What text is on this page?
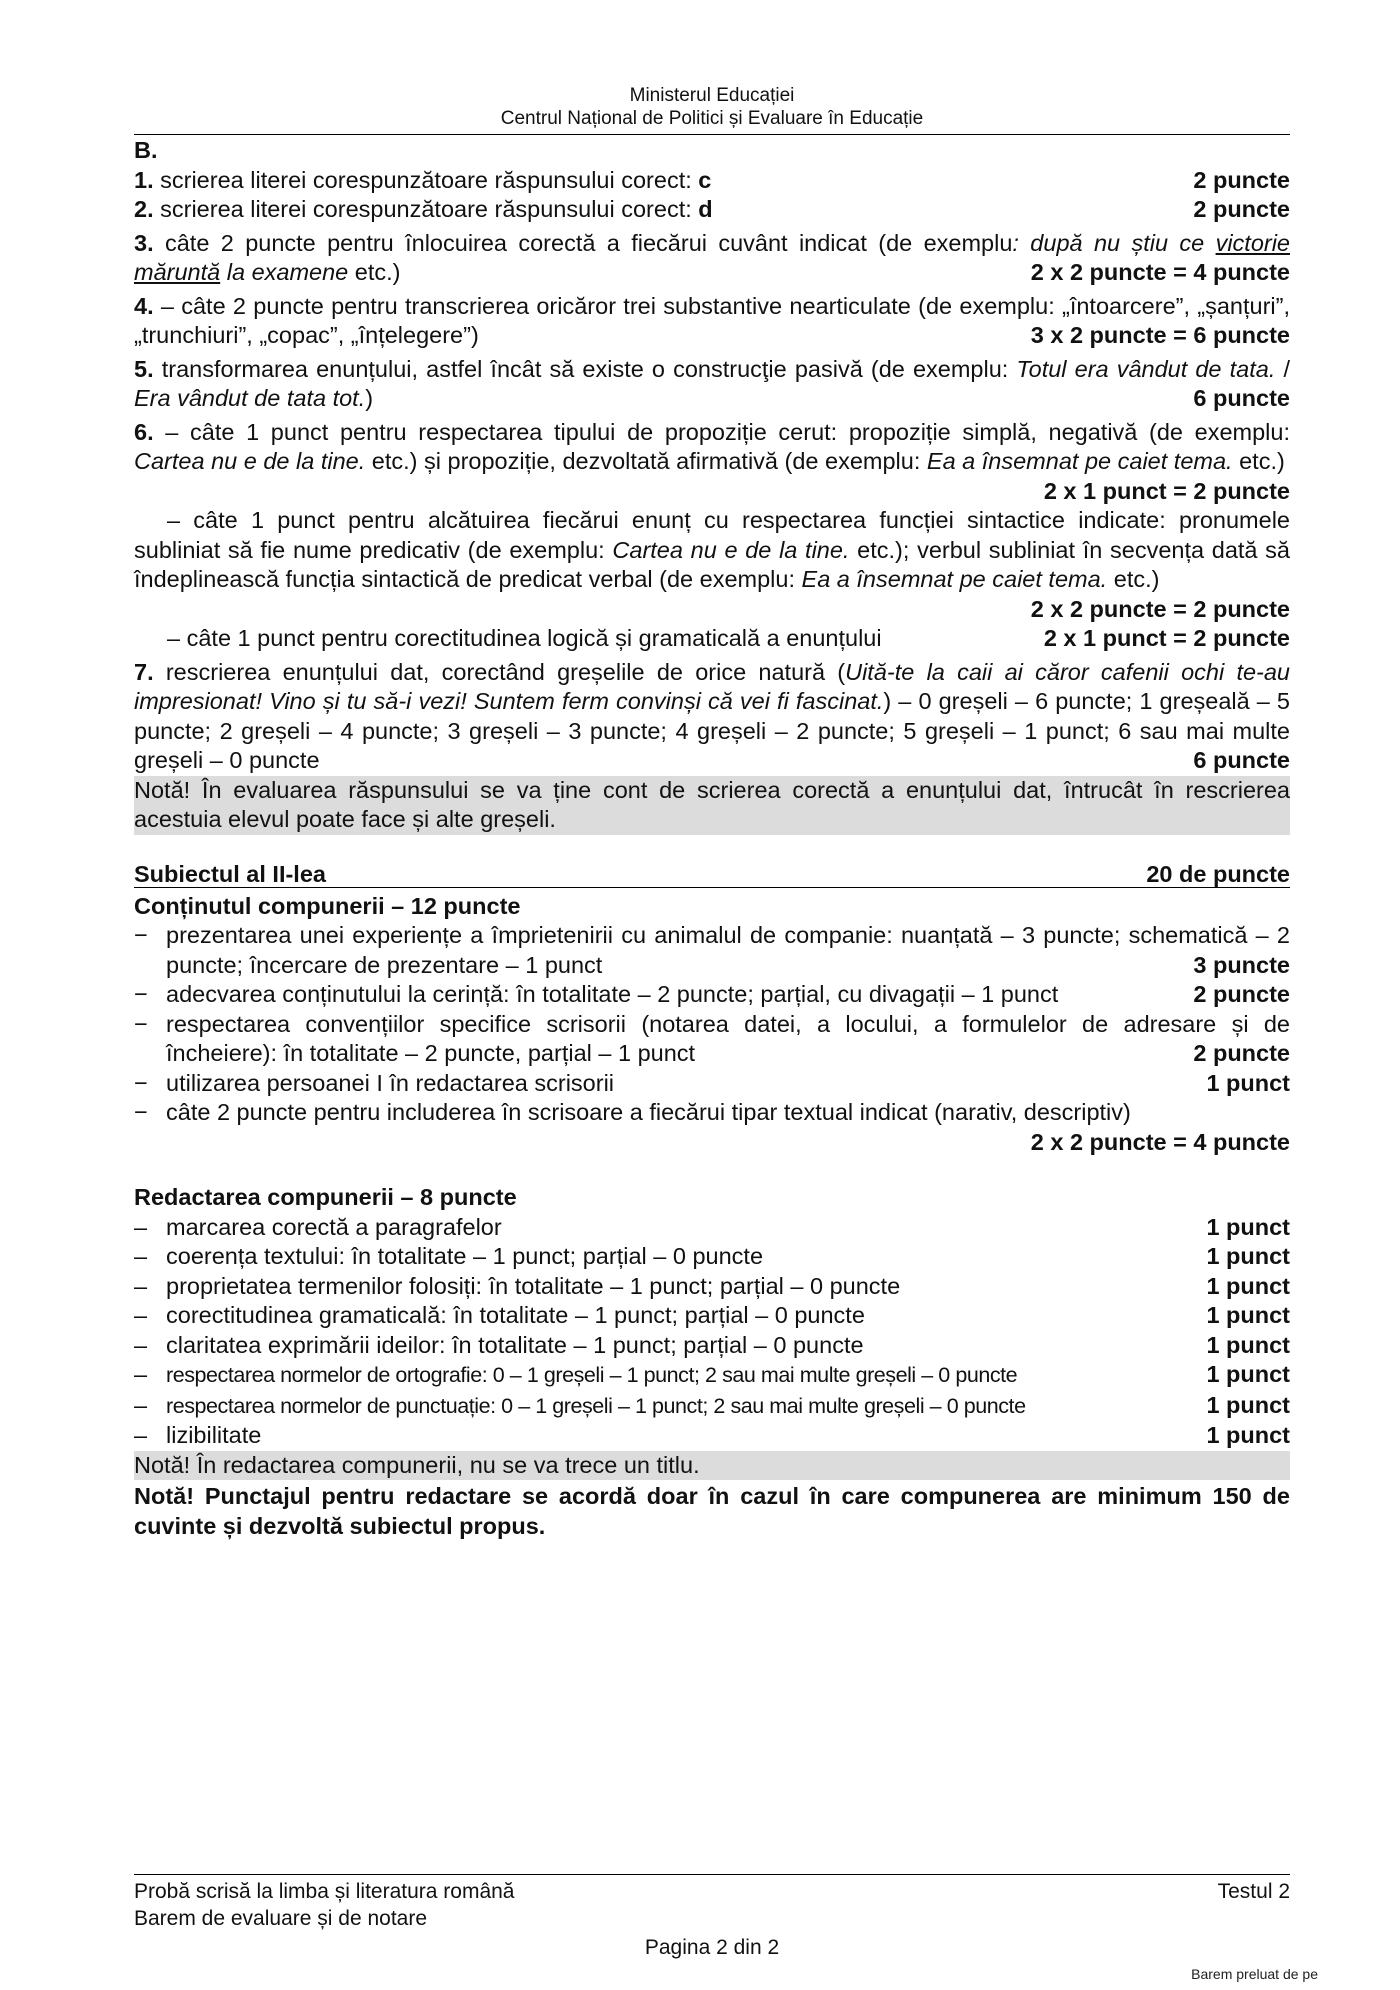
Ministerul Educației
Centrul Național de Politici și Evaluare în Educație
B.
1. scrierea literei corespunzătoare răspunsului corect: c	2 puncte
2. scrierea literei corespunzătoare răspunsului corect: d	2 puncte
3. câte 2 puncte pentru înlocuirea corectă a fiecărui cuvânt indicat (de exemplu: după nu știu ce victorie măruntă la examene etc.)	2 x 2 puncte = 4 puncte
4. – câte 2 puncte pentru transcrierea oricăror trei substantive nearticulate (de exemplu: „întoarcere”, „șanțuri”, „trunchiuri”, „copac”, „înțelegere”)	3 x 2 puncte = 6 puncte
5. transformarea enunțului, astfel încât să existe o construcţie pasivă (de exemplu: Totul era vândut de tata. / Era vândut de tata tot.)	6 puncte
6. – câte 1 punct pentru respectarea tipului de propoziție cerut: propoziție simplă, negativă (de exemplu: Cartea nu e de la tine. etc.) și propoziție, dezvoltată afirmativă (de exemplu: Ea a însemnat pe caiet tema. etc.)
2 x 1 punct = 2 puncte
– câte 1 punct pentru alcătuirea fiecărui enunț cu respectarea funcției sintactice indicate: pronumele subliniat să fie nume predicativ (de exemplu: Cartea nu e de la tine. etc.); verbul subliniat în secvența dată să îndeplinească funcția sintactică de predicat verbal (de exemplu: Ea a însemnat pe caiet tema. etc.)
2 x 2 puncte = 2 puncte
– câte 1 punct pentru corectitudinea logică și gramaticală a enunțului	2 x 1 punct = 2 puncte
7. rescrierea enunțului dat, corectând greșelile de orice natură (Uită-te la caii ai căror cafenii ochi te-au impresionat! Vino și tu să-i vezi! Suntem ferm convinși că vei fi fascinat.) – 0 greșeli – 6 puncte; 1 greșeală – 5 puncte; 2 greșeli – 4 puncte; 3 greșeli – 3 puncte; 4 greșeli – 2 puncte; 5 greșeli – 1 punct; 6 sau mai multe greșeli – 0 puncte	6 puncte
Notă! În evaluarea răspunsului se va ține cont de scrierea corectă a enunțului dat, întrucât în rescrierea acestuia elevul poate face și alte greșeli.
Subiectul al II-lea	20 de puncte
Conținutul compunerii – 12 puncte
− prezentarea unei experiențe a împrietenirii cu animalul de companie: nuanțată – 3 puncte; schematică – 2 puncte; încercare de prezentare – 1 punct	3 puncte
− adecvarea conținutului la cerință: în totalitate – 2 puncte; parțial, cu divagații – 1 punct	2 puncte
− respectarea convențiilor specifice scrisorii (notarea datei, a locului, a formulelor de adresare și de încheiere): în totalitate – 2 puncte, parțial – 1 punct	2 puncte
− utilizarea persoanei I în redactarea scrisorii	1 punct
− câte 2 puncte pentru includerea în scrisoare a fiecărui tipar textual indicat (narativ, descriptiv)
2 x 2 puncte = 4 puncte
Redactarea compunerii – 8 puncte
– marcarea corectă a paragrafelor	1 punct
– coerența textului: în totalitate – 1 punct; parțial – 0 puncte	1 punct
– proprietatea termenilor folosiți: în totalitate – 1 punct; parțial – 0 puncte	1 punct
– corectitudinea gramaticală: în totalitate – 1 punct; parțial – 0 puncte	1 punct
– claritatea exprimării ideilor: în totalitate – 1 punct; parțial – 0 puncte	1 punct
– respectarea normelor de ortografie: 0 – 1 greșeli – 1 punct; 2 sau mai multe greșeli – 0 puncte	1 punct
– respectarea normelor de punctuație: 0 – 1 greșeli – 1 punct; 2 sau mai multe greșeli – 0 puncte	1 punct
– lizibilitate	1 punct
Notă! În redactarea compunerii, nu se va trece un titlu.
Notă! Punctajul pentru redactare se acordă doar în cazul în care compunerea are minimum 150 de cuvinte și dezvoltă subiectul propus.
Probă scrisă la limba și literatura română	Testul 2
Barem de evaluare și de notare
Pagina 2 din 2
Barem preluat de pe
